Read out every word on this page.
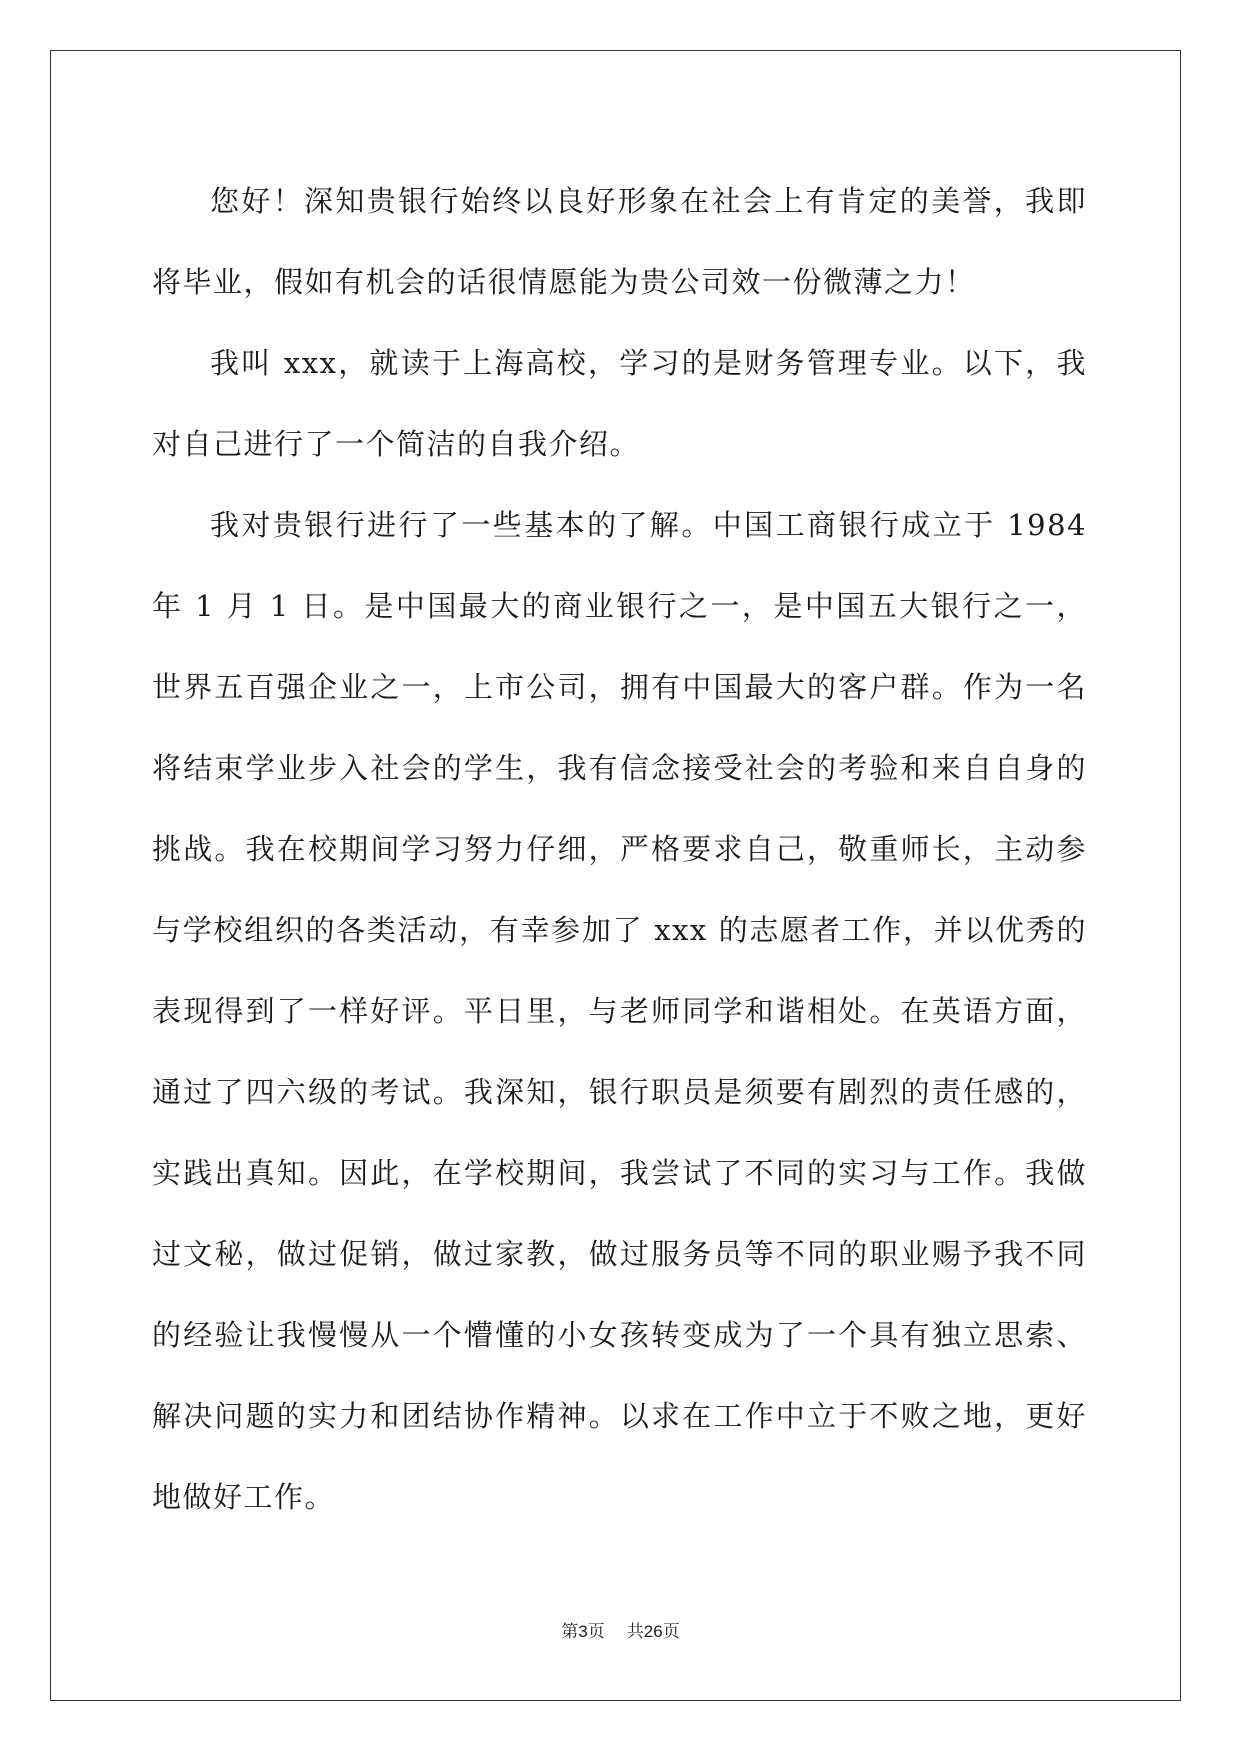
您好！深知贵银行始终以良好形象在社会上有肯定的美誉，我即将毕业，假如有机会的话很情愿能为贵公司效一份微薄之力！

我叫 xxx，就读于上海高校，学习的是财务管理专业。以下，我对自己进行了一个简洁的自我介绍。

我对贵银行进行了一些基本的了解。中国工商银行成立于 1984 年 1 月 1 日。是中国最大的商业银行之一，是中国五大银行之一，世界五百强企业之一，上市公司，拥有中国最大的客户群。作为一名将结束学业步入社会的学生，我有信念接受社会的考验和来自自身的挑战。我在校期间学习努力仔细，严格要求自己，敬重师长，主动参与学校组织的各类活动，有幸参加了 xxx 的志愿者工作，并以优秀的表现得到了一样好评。平日里，与老师同学和谐相处。在英语方面，通过了四六级的考试。我深知，银行职员是须要有剧烈的责任感的，实践出真知。因此，在学校期间，我尝试了不同的实习与工作。我做过文秘，做过促销，做过家教，做过服务员等不同的职业赐予我不同的经验让我慢慢从一个懵懂的小女孩转变成为了一个具有独立思索、解决问题的实力和团结协作精神。以求在工作中立于不败之地，更好地做好工作。

第3页 共26页
